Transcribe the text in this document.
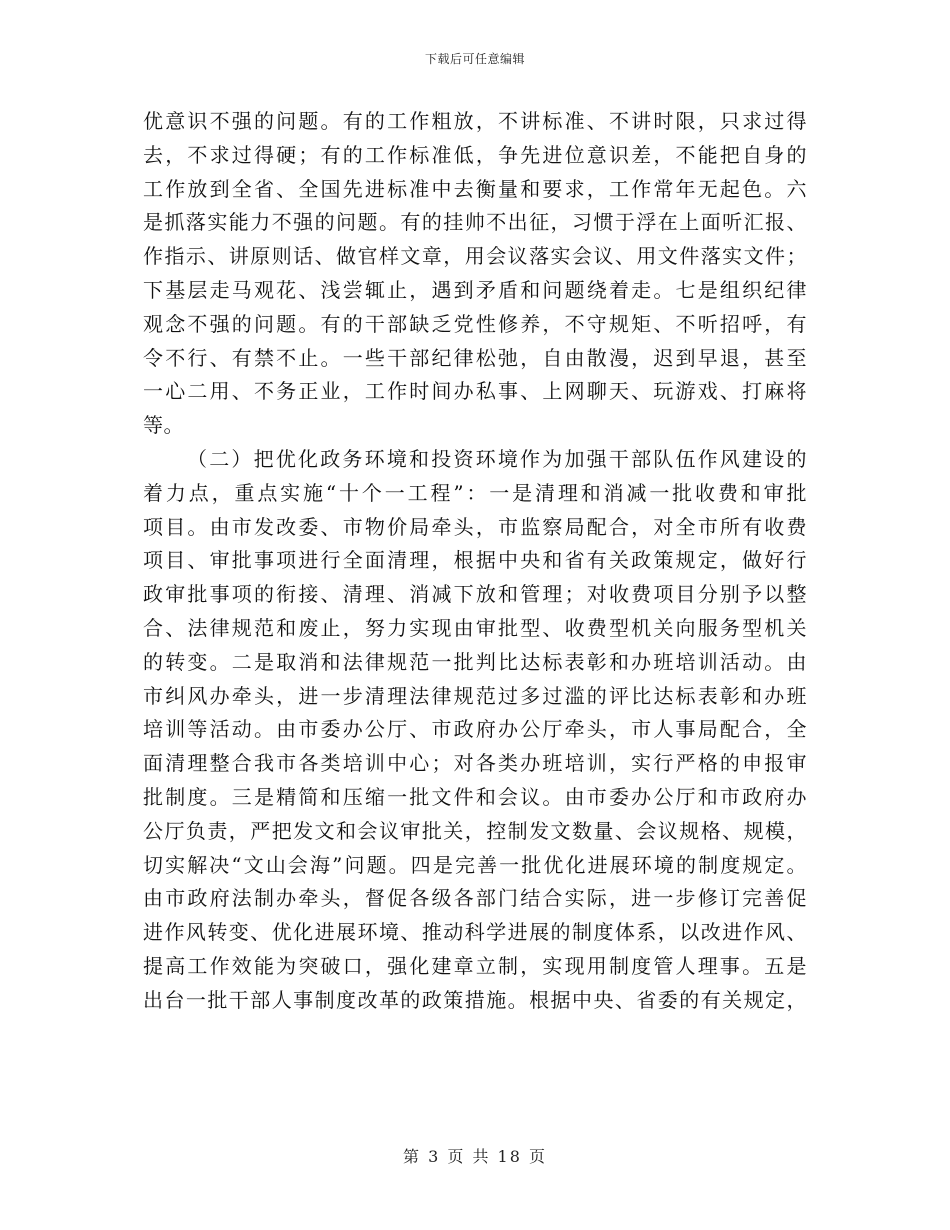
下载后可任意编辑
优意识不强的问题。有的工作粗放，不讲标准、不讲时限，只求过得
去，不求过得硬；有的工作标准低，争先进位意识差，不能把自身的
工作放到全省、全国先进标准中去衡量和要求，工作常年无起色。六
是抓落实能力不强的问题。有的挂帅不出征，习惯于浮在上面听汇报、
作指示、讲原则话、做官样文章，用会议落实会议、用文件落实文件；
下基层走马观花、浅尝辄止，遇到矛盾和问题绕着走。七是组织纪律
观念不强的问题。有的干部缺乏党性修养，不守规矩、不听招呼，有
令不行、有禁不止。一些干部纪律松弛，自由散漫，迟到早退，甚至
一心二用、不务正业，工作时间办私事、上网聊天、玩游戏、打麻将
等。
（二）把优化政务环境和投资环境作为加强干部队伍作风建设的
着力点，重点实施“十个一工程”：一是清理和消减一批收费和审批
项目。由市发改委、市物价局牵头，市监察局配合，对全市所有收费
项目、审批事项进行全面清理，根据中央和省有关政策规定，做好行
政审批事项的衔接、清理、消减下放和管理；对收费项目分别予以整
合、法律规范和废止，努力实现由审批型、收费型机关向服务型机关
的转变。二是取消和法律规范一批判比达标表彰和办班培训活动。由
市纠风办牵头，进一步清理法律规范过多过滥的评比达标表彰和办班
培训等活动。由市委办公厅、市政府办公厅牵头，市人事局配合，全
面清理整合我市各类培训中心；对各类办班培训，实行严格的申报审
批制度。三是精简和压缩一批文件和会议。由市委办公厅和市政府办
公厅负责，严把发文和会议审批关，控制发文数量、会议规格、规模，
切实解决“文山会海”问题。四是完善一批优化进展环境的制度规定。
由市政府法制办牵头，督促各级各部门结合实际，进一步修订完善促
进作风转变、优化进展环境、推动科学进展的制度体系，以改进作风、
提高工作效能为突破口，强化建章立制，实现用制度管人理事。五是
出台一批干部人事制度改革的政策措施。根据中央、省委的有关规定，
第 3 页 共 18 页
